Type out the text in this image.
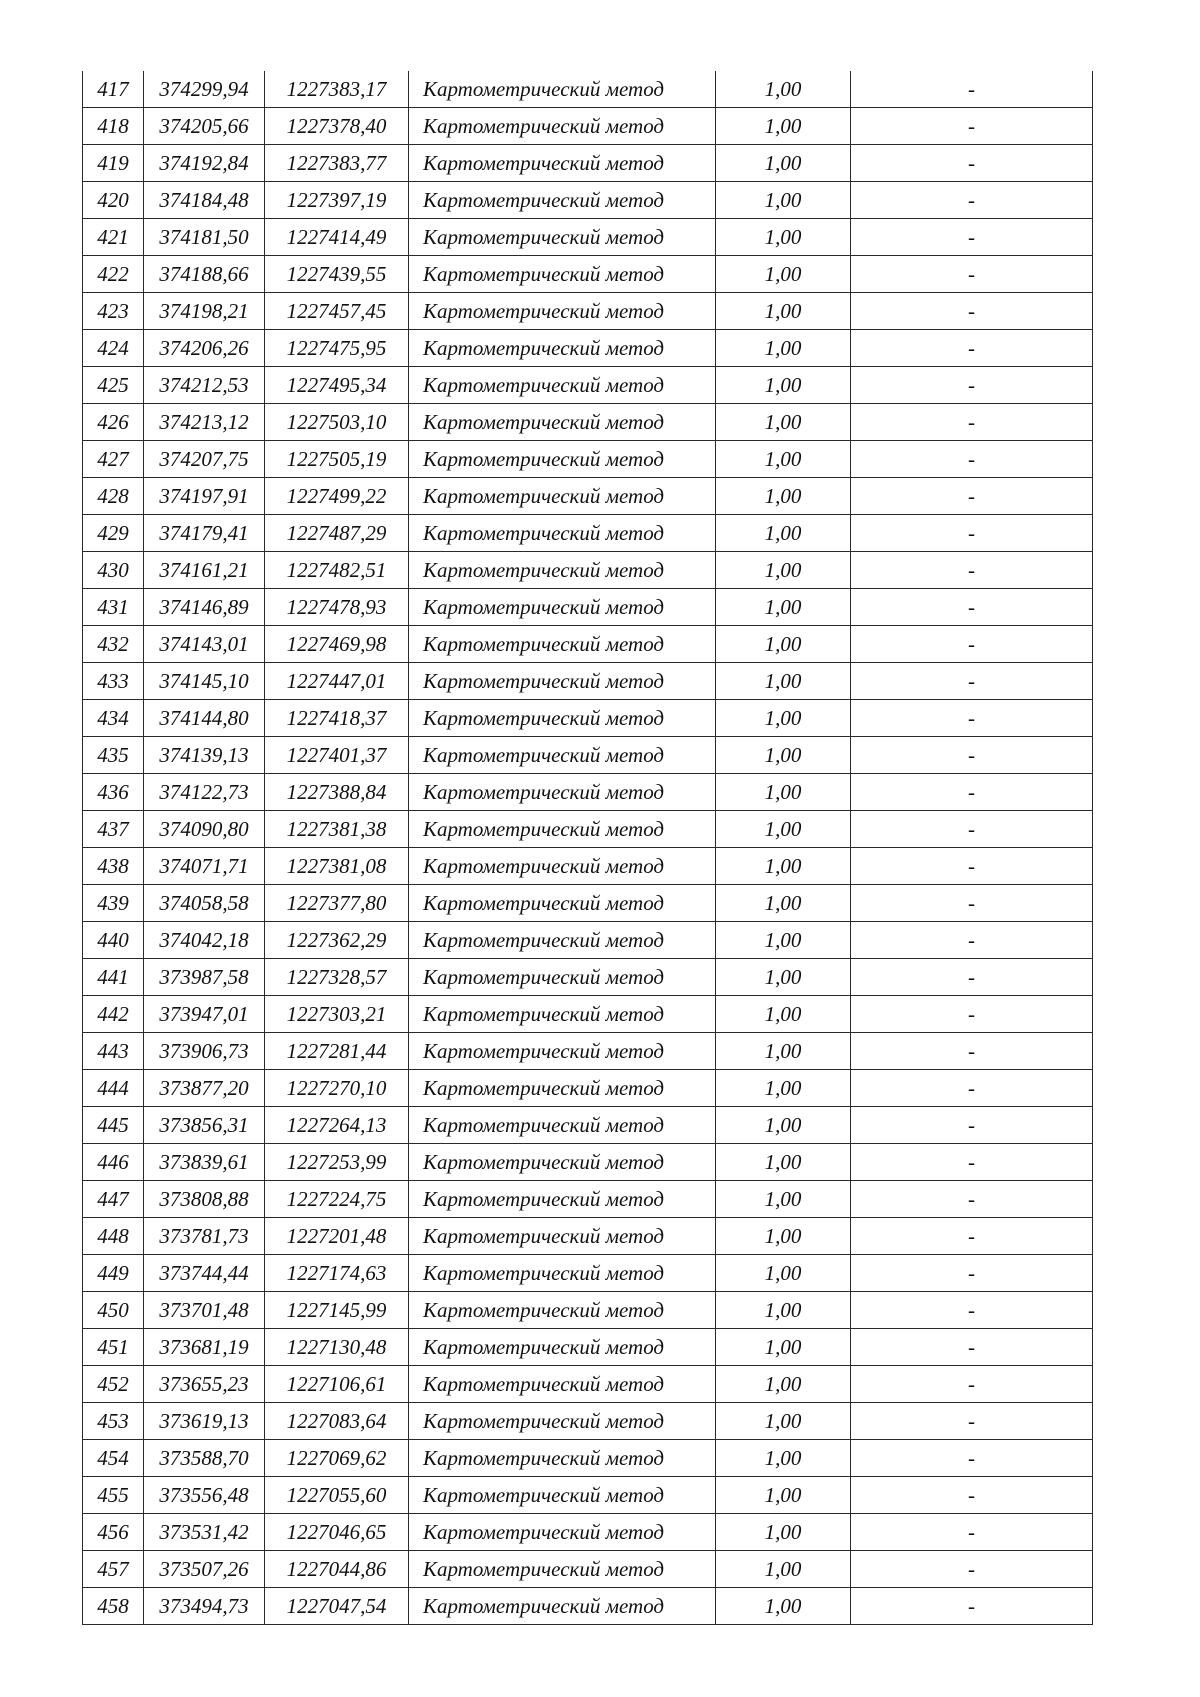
417	374299,94	1227383,17	Картометрический метод	1,00	-
418	374205,66	1227378,40	Картометрический метод	1,00	-
419	374192,84	1227383,77	Картометрический метод	1,00	-
420	374184,48	1227397,19	Картометрический метод	1,00	-
421	374181,50	1227414,49	Картометрический метод	1,00	-
422	374188,66	1227439,55	Картометрический метод	1,00	-
423	374198,21	1227457,45	Картометрический метод	1,00	-
424	374206,26	1227475,95	Картометрический метод	1,00	-
425	374212,53	1227495,34	Картометрический метод	1,00	-
426	374213,12	1227503,10	Картометрический метод	1,00	-
427	374207,75	1227505,19	Картометрический метод	1,00	-
428	374197,91	1227499,22	Картометрический метод	1,00	-
429	374179,41	1227487,29	Картометрический метод	1,00	-
430	374161,21	1227482,51	Картометрический метод	1,00	-
431	374146,89	1227478,93	Картометрический метод	1,00	-
432	374143,01	1227469,98	Картометрический метод	1,00	-
433	374145,10	1227447,01	Картометрический метод	1,00	-
434	374144,80	1227418,37	Картометрический метод	1,00	-
435	374139,13	1227401,37	Картометрический метод	1,00	-
436	374122,73	1227388,84	Картометрический метод	1,00	-
437	374090,80	1227381,38	Картометрический метод	1,00	-
438	374071,71	1227381,08	Картометрический метод	1,00	-
439	374058,58	1227377,80	Картометрический метод	1,00	-
440	374042,18	1227362,29	Картометрический метод	1,00	-
441	373987,58	1227328,57	Картометрический метод	1,00	-
442	373947,01	1227303,21	Картометрический метод	1,00	-
443	373906,73	1227281,44	Картометрический метод	1,00	-
444	373877,20	1227270,10	Картометрический метод	1,00	-
445	373856,31	1227264,13	Картометрический метод	1,00	-
446	373839,61	1227253,99	Картометрический метод	1,00	-
447	373808,88	1227224,75	Картометрический метод	1,00	-
448	373781,73	1227201,48	Картометрический метод	1,00	-
449	373744,44	1227174,63	Картометрический метод	1,00	-
450	373701,48	1227145,99	Картометрический метод	1,00	-
451	373681,19	1227130,48	Картометрический метод	1,00	-
452	373655,23	1227106,61	Картометрический метод	1,00	-
453	373619,13	1227083,64	Картометрический метод	1,00	-
454	373588,70	1227069,62	Картометрический метод	1,00	-
455	373556,48	1227055,60	Картометрический метод	1,00	-
456	373531,42	1227046,65	Картометрический метод	1,00	-
457	373507,26	1227044,86	Картометрический метод	1,00	-
458	373494,73	1227047,54	Картометрический метод	1,00	-
